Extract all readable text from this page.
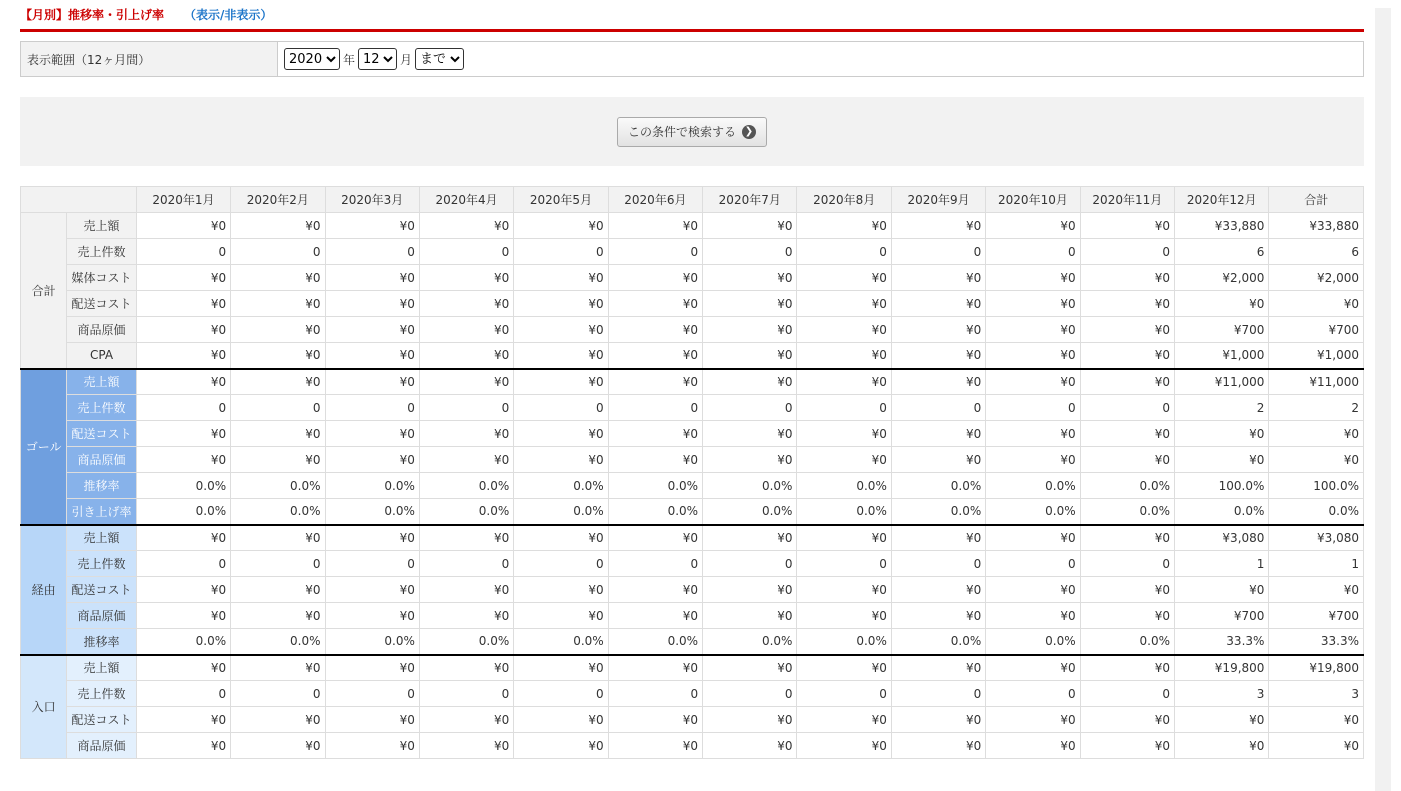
【月別】推移率・引上げ率 （表示/非表示）
表示範囲（12ヶ月間）
2020	年
12	月
まで
この条件で検索する ❯
		2020年1月	2020年2月	2020年3月	2020年4月	2020年5月	2020年6月	2020年7月	2020年8月	2020年9月	2020年10月	2020年11月	2020年12月	合計
合計	売上額	¥0	¥0	¥0	¥0	¥0	¥0	¥0	¥0	¥0	¥0	¥0	¥33,880	¥33,880
	売上件数	0	0	0	0	0	0	0	0	0	0	0	6	6
	媒体コスト	¥0	¥0	¥0	¥0	¥0	¥0	¥0	¥0	¥0	¥0	¥0	¥2,000	¥2,000
	配送コスト	¥0	¥0	¥0	¥0	¥0	¥0	¥0	¥0	¥0	¥0	¥0	¥0	¥0
	商品原価	¥0	¥0	¥0	¥0	¥0	¥0	¥0	¥0	¥0	¥0	¥0	¥700	¥700
	CPA	¥0	¥0	¥0	¥0	¥0	¥0	¥0	¥0	¥0	¥0	¥0	¥1,000	¥1,000
ゴール	売上額	¥0	¥0	¥0	¥0	¥0	¥0	¥0	¥0	¥0	¥0	¥0	¥11,000	¥11,000
	売上件数	0	0	0	0	0	0	0	0	0	0	0	2	2
	配送コスト	¥0	¥0	¥0	¥0	¥0	¥0	¥0	¥0	¥0	¥0	¥0	¥0	¥0
	商品原価	¥0	¥0	¥0	¥0	¥0	¥0	¥0	¥0	¥0	¥0	¥0	¥0	¥0
	推移率	0.0%	0.0%	0.0%	0.0%	0.0%	0.0%	0.0%	0.0%	0.0%	0.0%	0.0%	100.0%	100.0%
	引き上げ率	0.0%	0.0%	0.0%	0.0%	0.0%	0.0%	0.0%	0.0%	0.0%	0.0%	0.0%	0.0%	0.0%
経由	売上額	¥0	¥0	¥0	¥0	¥0	¥0	¥0	¥0	¥0	¥0	¥0	¥3,080	¥3,080
	売上件数	0	0	0	0	0	0	0	0	0	0	0	1	1
	配送コスト	¥0	¥0	¥0	¥0	¥0	¥0	¥0	¥0	¥0	¥0	¥0	¥0	¥0
	商品原価	¥0	¥0	¥0	¥0	¥0	¥0	¥0	¥0	¥0	¥0	¥0	¥700	¥700
	推移率	0.0%	0.0%	0.0%	0.0%	0.0%	0.0%	0.0%	0.0%	0.0%	0.0%	0.0%	33.3%	33.3%
入口	売上額	¥0	¥0	¥0	¥0	¥0	¥0	¥0	¥0	¥0	¥0	¥0	¥19,800	¥19,800
	売上件数	0	0	0	0	0	0	0	0	0	0	0	3	3
	配送コスト	¥0	¥0	¥0	¥0	¥0	¥0	¥0	¥0	¥0	¥0	¥0	¥0	¥0
	商品原価	¥0	¥0	¥0	¥0	¥0	¥0	¥0	¥0	¥0	¥0	¥0	¥0	¥0
